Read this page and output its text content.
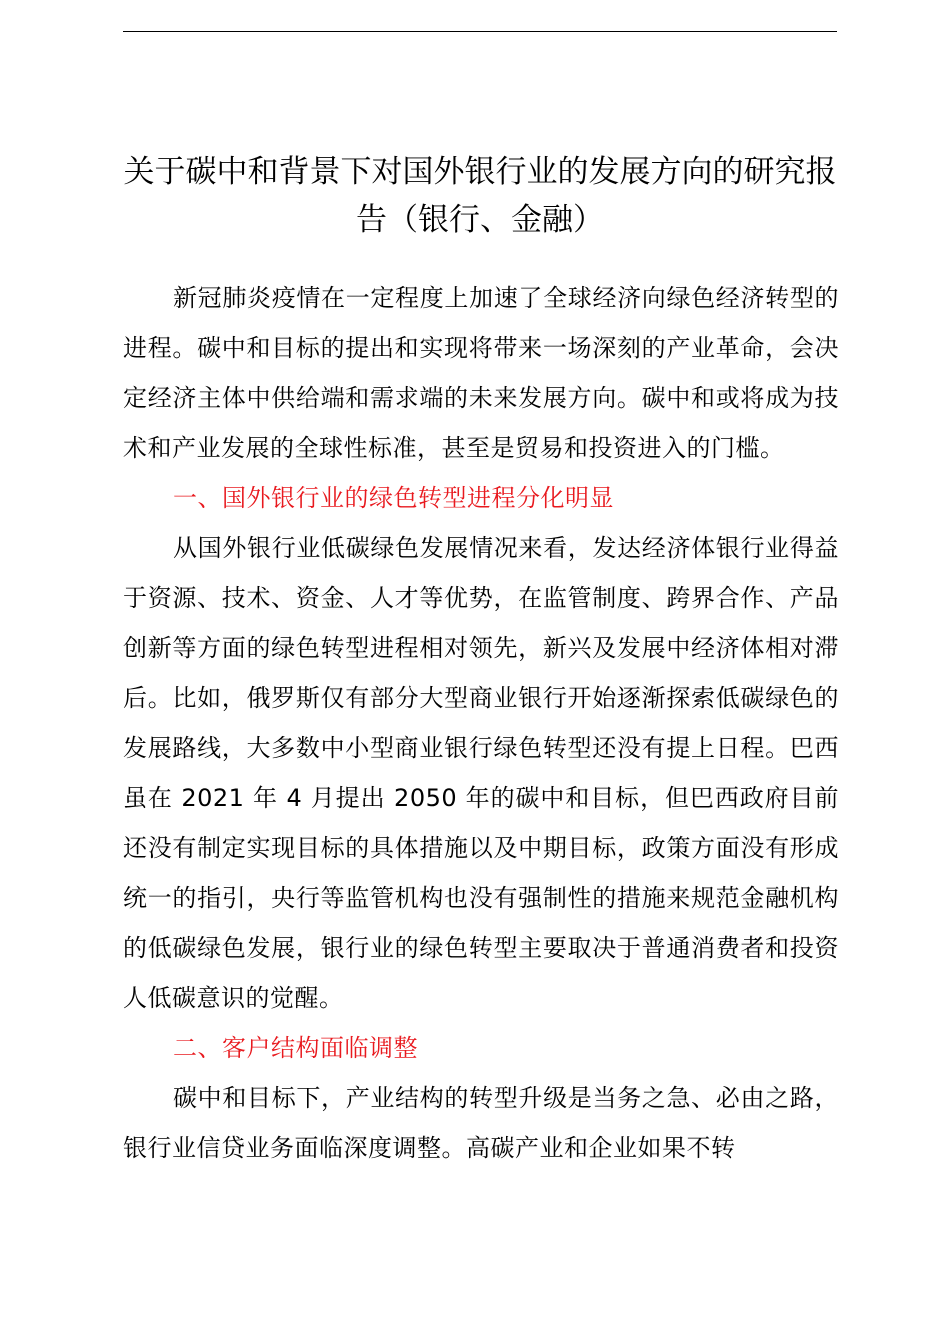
关于碳中和背景下对国外银行业的发展方向的研究报告（银行、金融）

新冠肺炎疫情在一定程度上加速了全球经济向绿色经济转型的进程。碳中和目标的提出和实现将带来一场深刻的产业革命，会决定经济主体中供给端和需求端的未来发展方向。碳中和或将成为技术和产业发展的全球性标准，甚至是贸易和投资进入的门槛。

一、国外银行业的绿色转型进程分化明显

从国外银行业低碳绿色发展情况来看，发达经济体银行业得益于资源、技术、资金、人才等优势，在监管制度、跨界合作、产品创新等方面的绿色转型进程相对领先，新兴及发展中经济体相对滞后。比如，俄罗斯仅有部分大型商业银行开始逐渐探索低碳绿色的发展路线，大多数中小型商业银行绿色转型还没有提上日程。巴西虽在 2021 年 4 月提出 2050 年的碳中和目标，但巴西政府目前还没有制定实现目标的具体措施以及中期目标，政策方面没有形成统一的指引，央行等监管机构也没有强制性的措施来规范金融机构的低碳绿色发展，银行业的绿色转型主要取决于普通消费者和投资人低碳意识的觉醒。

二、客户结构面临调整

碳中和目标下，产业结构的转型升级是当务之急、必由之路，银行业信贷业务面临深度调整。高碳产业和企业如果不转
